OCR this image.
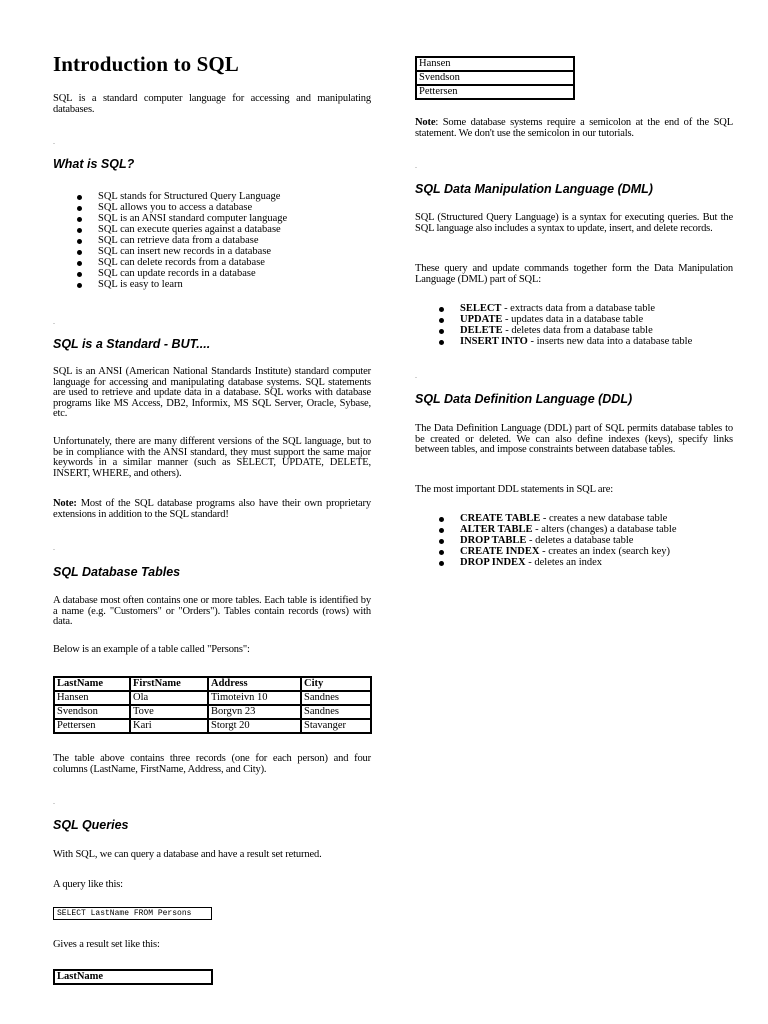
Introduction to SQL

SQL is a standard computer language for accessing and manipulating databases.

.
What is SQL?
SQL stands for Structured Query Language
SQL allows you to access a database
SQL is an ANSI standard computer language
SQL can execute queries against a database
SQL can retrieve data from a database
SQL can insert new records in a database
SQL can delete records from a database
SQL can update records in a database
SQL is easy to learn
.
SQL is a Standard - BUT....

SQL is an ANSI (American National Standards Institute) standard computer language for accessing and manipulating database systems. SQL statements are used to retrieve and update data in a database. SQL works with database programs like MS Access, DB2, Informix, MS SQL Server, Oracle, Sybase, etc.

Unfortunately, there are many different versions of the SQL language, but to be in compliance with the ANSI standard, they must support the same major keywords in a similar manner (such as SELECT, UPDATE, DELETE, INSERT, WHERE, and others).

Note: Most of the SQL database programs also have their own proprietary extensions in addition to the SQL standard!

.
SQL Database Tables

A database most often contains one or more tables. Each table is identified by a name (e.g. "Customers" or "Orders"). Tables contain records (rows) with data.

Below is an example of a table called "Persons":

LastName	FirstName	Address	City
Hansen	Ola	Timoteivn 10	Sandnes
Svendson	Tove	Borgvn 23	Sandnes
Pettersen	Kari	Storgt 20	Stavanger

The table above contains three records (one for each person) and four columns (LastName, FirstName, Address, and City).

.
SQL Queries

With SQL, we can query a database and have a result set returned.

A query like this:

SELECT LastName FROM Persons

Gives a result set like this:

LastName
Hansen
Svendson
Pettersen

Note: Some database systems require a semicolon at the end of the SQL statement. We don't use the semicolon in our tutorials.

.
SQL Data Manipulation Language (DML)

SQL (Structured Query Language) is a syntax for executing queries. But the SQL language also includes a syntax to update, insert, and delete records.

These query and update commands together form the Data Manipulation Language (DML) part of SQL:

SELECT - extracts data from a database table
UPDATE - updates data in a database table
DELETE - deletes data from a database table
INSERT INTO - inserts new data into a database table
.
SQL Data Definition Language (DDL)

The Data Definition Language (DDL) part of SQL permits database tables to be created or deleted. We can also define indexes (keys), specify links between tables, and impose constraints between database tables.

The most important DDL statements in SQL are:

CREATE TABLE - creates a new database table
ALTER TABLE - alters (changes) a database table
DROP TABLE - deletes a database table
CREATE INDEX - creates an index (search key)
DROP INDEX - deletes an index
